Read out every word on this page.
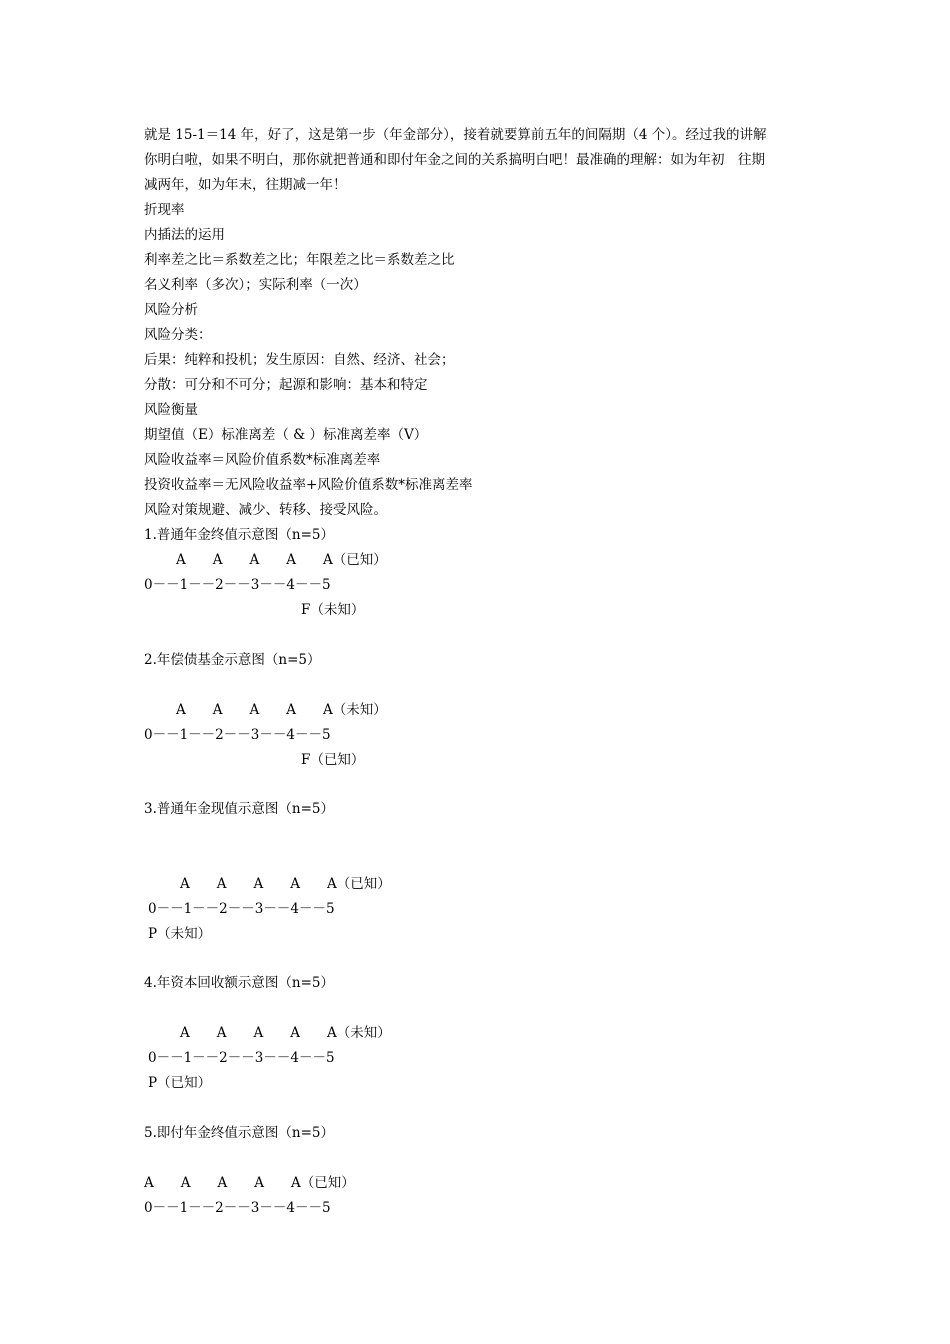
就是 15-1＝14 年，好了，这是第一步（年金部分），接着就要算前五年的间隔期（4 个）。经过我的讲解
你明白啦，如果不明白，那你就把普通和即付年金之间的关系搞明白吧！最准确的理解：如为年初　往期
减两年，如为年末，往期减一年！
折现率
内插法的运用
利率差之比＝系数差之比；年限差之比＝系数差之比
名义利率（多次）；实际利率（一次）
风险分析
风险分类：
后果：纯粹和投机；发生原因：自然、经济、社会；
分散：可分和不可分；起源和影响：基本和特定
风险衡量
期望值（E）标准离差（ & ）标准离差率（V）
风险收益率＝风险价值系数*标准离差率
投资收益率＝无风险收益率+风险价值系数*标准离差率
风险对策规避、减少、转移、接受风险。
1.普通年金终值示意图（n=5）
A　　A　　A　　A　　A（已知）
0－－1－－2－－3－－4－－5
F（未知）
2.年偿债基金示意图（n=5）
A　　A　　A　　A　　A（未知）
0－－1－－2－－3－－4－－5
F（已知）
3.普通年金现值示意图（n=5）
A　　A　　A　　A　　A（已知）
0－－1－－2－－3－－4－－5
P（未知）
4.年资本回收额示意图（n=5）
A　　A　　A　　A　　A（未知）
0－－1－－2－－3－－4－－5
P（已知）
5.即付年金终值示意图（n=5）
A　　A　　A　　A　　A（已知）
0－－1－－2－－3－－4－－5
